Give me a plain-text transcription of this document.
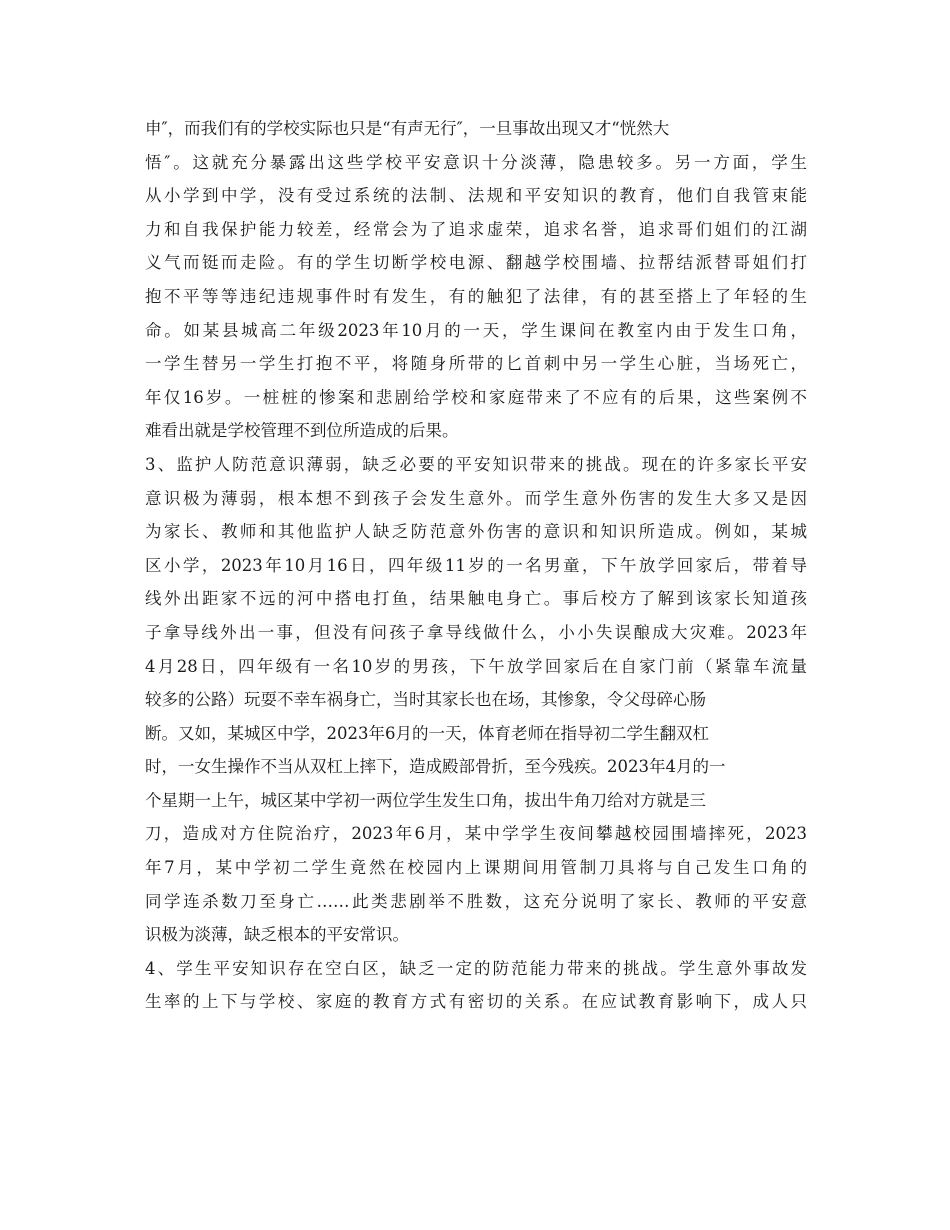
申″，而我们有的学校实际也只是“有声无行″，一旦事故出现又才“恍然大
悟″。这就充分暴露出这些学校平安意识十分淡薄，隐患较多。另一方面，学生
从小学到中学，没有受过系统的法制、法规和平安知识的教育，他们自我管束能
力和自我保护能力较差，经常会为了追求虚荣，追求名誉，追求哥们姐们的江湖
义气而铤而走险。有的学生切断学校电源、翻越学校围墙、拉帮结派替哥姐们打
抱不平等等违纪违规事件时有发生，有的触犯了法律，有的甚至搭上了年轻的生
命。如某县城高二年级2023年10月的一天，学生课间在教室内由于发生口角，
一学生替另一学生打抱不平，将随身所带的匕首刺中另一学生心脏，当场死亡，
年仅16岁。一桩桩的惨案和悲剧给学校和家庭带来了不应有的后果，这些案例不
难看出就是学校管理不到位所造成的后果。
3、监护人防范意识薄弱，缺乏必要的平安知识带来的挑战。现在的许多家长平安
意识极为薄弱，根本想不到孩子会发生意外。而学生意外伤害的发生大多又是因
为家长、教师和其他监护人缺乏防范意外伤害的意识和知识所造成。例如，某城
区小学，2023年10月16日，四年级11岁的一名男童，下午放学回家后，带着导
线外出距家不远的河中搭电打鱼，结果触电身亡。事后校方了解到该家长知道孩
子拿导线外出一事，但没有问孩子拿导线做什么，小小失误酿成大灾难。2023年
4月28日，四年级有一名10岁的男孩，下午放学回家后在自家门前（紧靠车流量
较多的公路）玩耍不幸车祸身亡，当时其家长也在场，其惨象，令父母碎心肠
断。又如，某城区中学，2023年6月的一天，体育老师在指导初二学生翻双杠
时，一女生操作不当从双杠上摔下，造成殿部骨折，至今残疾。2023年4月的一
个星期一上午，城区某中学初一两位学生发生口角，拔出牛角刀给对方就是三
刀，造成对方住院治疗，2023年6月，某中学学生夜间攀越校园围墙摔死，2023
年7月，某中学初二学生竟然在校园内上课期间用管制刀具将与自己发生口角的
同学连杀数刀至身亡……此类悲剧举不胜数，这充分说明了家长、教师的平安意
识极为淡薄，缺乏根本的平安常识。
4、学生平安知识存在空白区，缺乏一定的防范能力带来的挑战。学生意外事故发
生率的上下与学校、家庭的教育方式有密切的关系。在应试教育影响下，成人只
